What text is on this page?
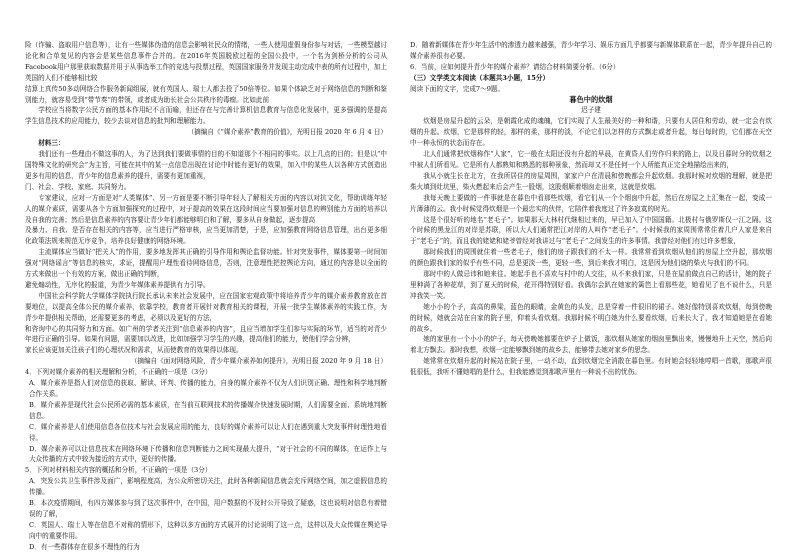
险（诈骗、盗取用户信息等），让有一些媒体伪造的信息会影响社民众的情绪，一些人使用虚假身份参与对话，一些模型越讨论化和合单复见的内容会是某些信息事件合并的。在2016年英国脱欧过程的全国公投中，一个名为剑桥分析的公司从Facebook用户那里获取数据并用于从事选举工作的竞选与投票过程，英国国家服务并发现主动完成中表的所有过程中，加上英国的人们不能够相比较

结算上真传50多动网络合作服务新闻组展，就有英国人、瑞士人都去投了50倍等位。如果个体缺乏对于网络信息的判断和鉴别能力，就容易受到“带节奏”的带领，或者成为助长社会公共秩序的毒瘤。比如此前

学校应当将数字公民方面的基本作用纪不言而喻，但还存在与完善计算机信息教育与信息化发展中，更多强调的是提高学生信息技术的应用能力，较少去谈对信息的批判和理解能力。

（摘编自《“媒介素养”教育的价值》，光明日报 2020 年 6 月 4 日）

材料三：

我们还有一些理由不做这事的人，为了达到我们要做事情的目的不知道那个不相同的事实。以上几点的目的；但是以“中国特殊文化的研究会”为主旨，可能在其中的某一点信息出现在讨论中时能有更好的效果，加入中的某些人以各种方式创造出更多有用的信息，青少年的信息素养的提升，需要有更加重视，

门、社会、学校、家庭、共同努力。

专家建议，应对一方面是对“人类媒体”、另一方面是要不断引导年轻人了解相关方面的内容以对抗文化，帮助训练年轻人的媒介素质，需要从各个方面加强探究的过程中，对于提高的效果在这段时间应当要加强对信息的辨别能力方面的培养以及自我的完善；然后是信息素养的内容要让青少年们都能够明白和了解，要多从自身做起，逐步提高

及暴力、自我、是否存在相关的内容等，应当进行严格审核，应当更加清楚，于是，应加强教育网络信息管理，出台更多细化政策法规来规范无序竞争，培养良好健康的网络环境。

主流媒体应当做好“把关人”的作用，要多地发挥其正确的引导作用和舆论监督功能。针对突发事件，媒体要第一时间加强对“网络谣言”等信息的核实，求证，提醒用户理性看待网络信息，否则，注意理性把控舆论方向，通过的内容是以全面的方式来做出一个有效的方案，做出正确的判断，

避免煽动性，无序化的报道，为青少年媒体素养提供有力引导。

中国社会科学院大学媒体学院执行院长承认未来社会发展中，应在国家宏观政策中将培养青少年的媒介素养教育放在首要地位，以提高全体公民的媒介素养，依靠学校，教育者开展针对教育相关的课程，开展一批学生媒体素养的实践工作，为青少年提供相关帮助，还需要更多的考虑，必须以及更好的方法，

和咨询中心的共同努力和方面。如广州的学者关注到“信息素养的内容”，且应当增加学生们参与实际的环节，适当的对青少年进行正确的引导。如果有问题，需要加以改进，比如加强学习学生的兴趣，提高他们的能力，使他们学会分辨，

家长应该更加关注孩子们的心理状况和需求，从而使教育的效果得以体现。

（摘编自《面对网络风险，青少年媒介素养如何提升》，光明日报 2020 年 9 月 18 日）

4．下列对媒介素养的相关理解和分析，不正确的一项是（3分）

A．媒介素养是指人们对信息的获取、解读、评判、传播的能力，自身的媒介素养不仅为人们识别正确、理性和科学地判断合作关系。

B．媒介素养是现代社会公民所必需的基本素质，在当前互联网技术的传播媒介快速发展时期，人们需要全面、系统地判断信息。

C．媒介素养是人们使用信息各位技术与社会发展应用的能力，良好的媒介素养可以让人们在遇到重大突发事件时理性地看待。

D．媒介素养可以让信息技术在网络环境下传播和信息判断能力之间实现最大提升，“对于社会的不同的媒体，在运作上与大众传播的方式中较为接近的方式中，更好的传播。

5．下列对材料相关内容的概括和分析，不正确的一项是（3分）

A．突发公共卫生事件涉及面广，影响程度高，为公众所密切关注，此时各种新闻信息就会充斥网络空间，加之虚假信息的传播。

B．本次疫情期间，有四方媒体参与到了这次事件中，在中国，用户数据的不及时公开导致了疑惑，这也说明对信息有着错误的了解，

C．英国人、瑞士人等在信息不对称的情形下，这种以多方面的方式展开的讨论说明了这一点，这样以及大众传媒在舆论导向中的重要作用。

D．有一些群体存在很多不理性的行为

D．随着新媒体在青少年生活中的渗透力越来越强，青少年学习、娱乐方面几乎都要与新媒体联系在一起，青少年提升自己的媒介素养很有必要。

6．当前，应如何提升青少年的媒介素养？请结合材料简要分析。（6分）

（三）文学类文本阅读（本题共3小题，15分）

阅读下面的文字，完成7～9题。

暮色中的炊烟

迟子建

炊烟是房屋升起的云朵，是朝霞化成的魂魄，它们实现了人生最美好的一种和谐，只要有人居住和劳动，就一定会有炊烟的升起。炊烟，它是那样的轻，那样的柔，那样的淡，不论它们以怎样的方式飘走或者升起，每日每时的，它们都在天空中一种永恒的状态而存在。

北人们通常把炊烟称作“人家”，它一般在太阳还没有升起的早晨，在黄昏人们劳作归来的路上，以及日暮时分的炊烟之中被人们所看见。它是所有人都熟知和熟悉的那种景象，然而却又不是任何一个人所能真正完全地描绘出来的，

我从小就生长在北方，在我所居住的房屋周围，家家户户在清晨和傍晚都会升起炊烟。我那时候对炊烟的理解，就是把柴火填到灶坑里，柴火燃起来后会产生一股烟，这股烟顺着烟囱走出来，这就是炊烟。

我每天晚上要做的一件事就是在暮色中看那些炊烟，看它们从一个个烟囱中升起，然后在房屋之上汇集在一起，变成一片薄薄的云。我小时候觉得炊烟是一个最忠实的伙伴，它陪伴着我度过了许多寂寞的时光。

这是个很好听的地名“老毛子”。如果那天大林村代继相过来的，早已加入了中国国籍。北极村与俄罗斯仅一江之隔。这个时候的黑龙江的对岸是苏联，所以大人们通常把江对岸的人叫作“老毛子”。小时候我的家周围常常住着几户人家是来自于“老毛子”的，而且我的姥姥和姥爷曾经对我讲过与“老毛子”之间发生的许多事情。我曾经对他们有过许多想象，

那时候我们的周围就住着一些老毛子，他们的房子跟我们的不太一样。我常常看到炊烟从他们的房屋上空升起，那炊烟的颜色跟我们家的似乎有些不同，总是更淡一些，更轻一些，到后来我才明白，这是因为他们烧的柴火与我们的不同。

那时中的人做忌讳和她来往。她起手也不喜欢与村中的人交往，从不来我们家，只是在屋前做点自己的活计，她的院子里种满了各种花草，到了夏天的时候，花开得特别好看。我偶尔会趴在她家的篱笆上看那些花，她看见了也不说什么，只是冲我笑一笑。

她小小的个子，高高的鼻梁，蓝色的眼睛，金黄色的头发，总是穿着一件很旧的裙子。她好像特别喜欢炊烟，每到傍晚的时候，她就会站在自家的院子里，仰着头看炊烟。我那时候不明白她为什么要看炊烟，后来长大了，我才知道她是在看她的故乡。

她的家里有一个小小的炉子，每天傍晚她都要在炉子上做饭，那炊烟从她家的烟囱里飘出来，慢慢地升上天空，然后向着北方飘去。那时我想，炊烟一定能够飘到她的故乡去，能够带去她对家乡的思念。

她常常在炊烟升起的时候站在院子里，一动不动，直到炊烟完全消散在暮色里。有时她会轻轻地哼唱一首歌，那歌声很低很低，我听不懂她唱的是什么，但我能感觉到那歌声里有一种说不出的忧伤。
